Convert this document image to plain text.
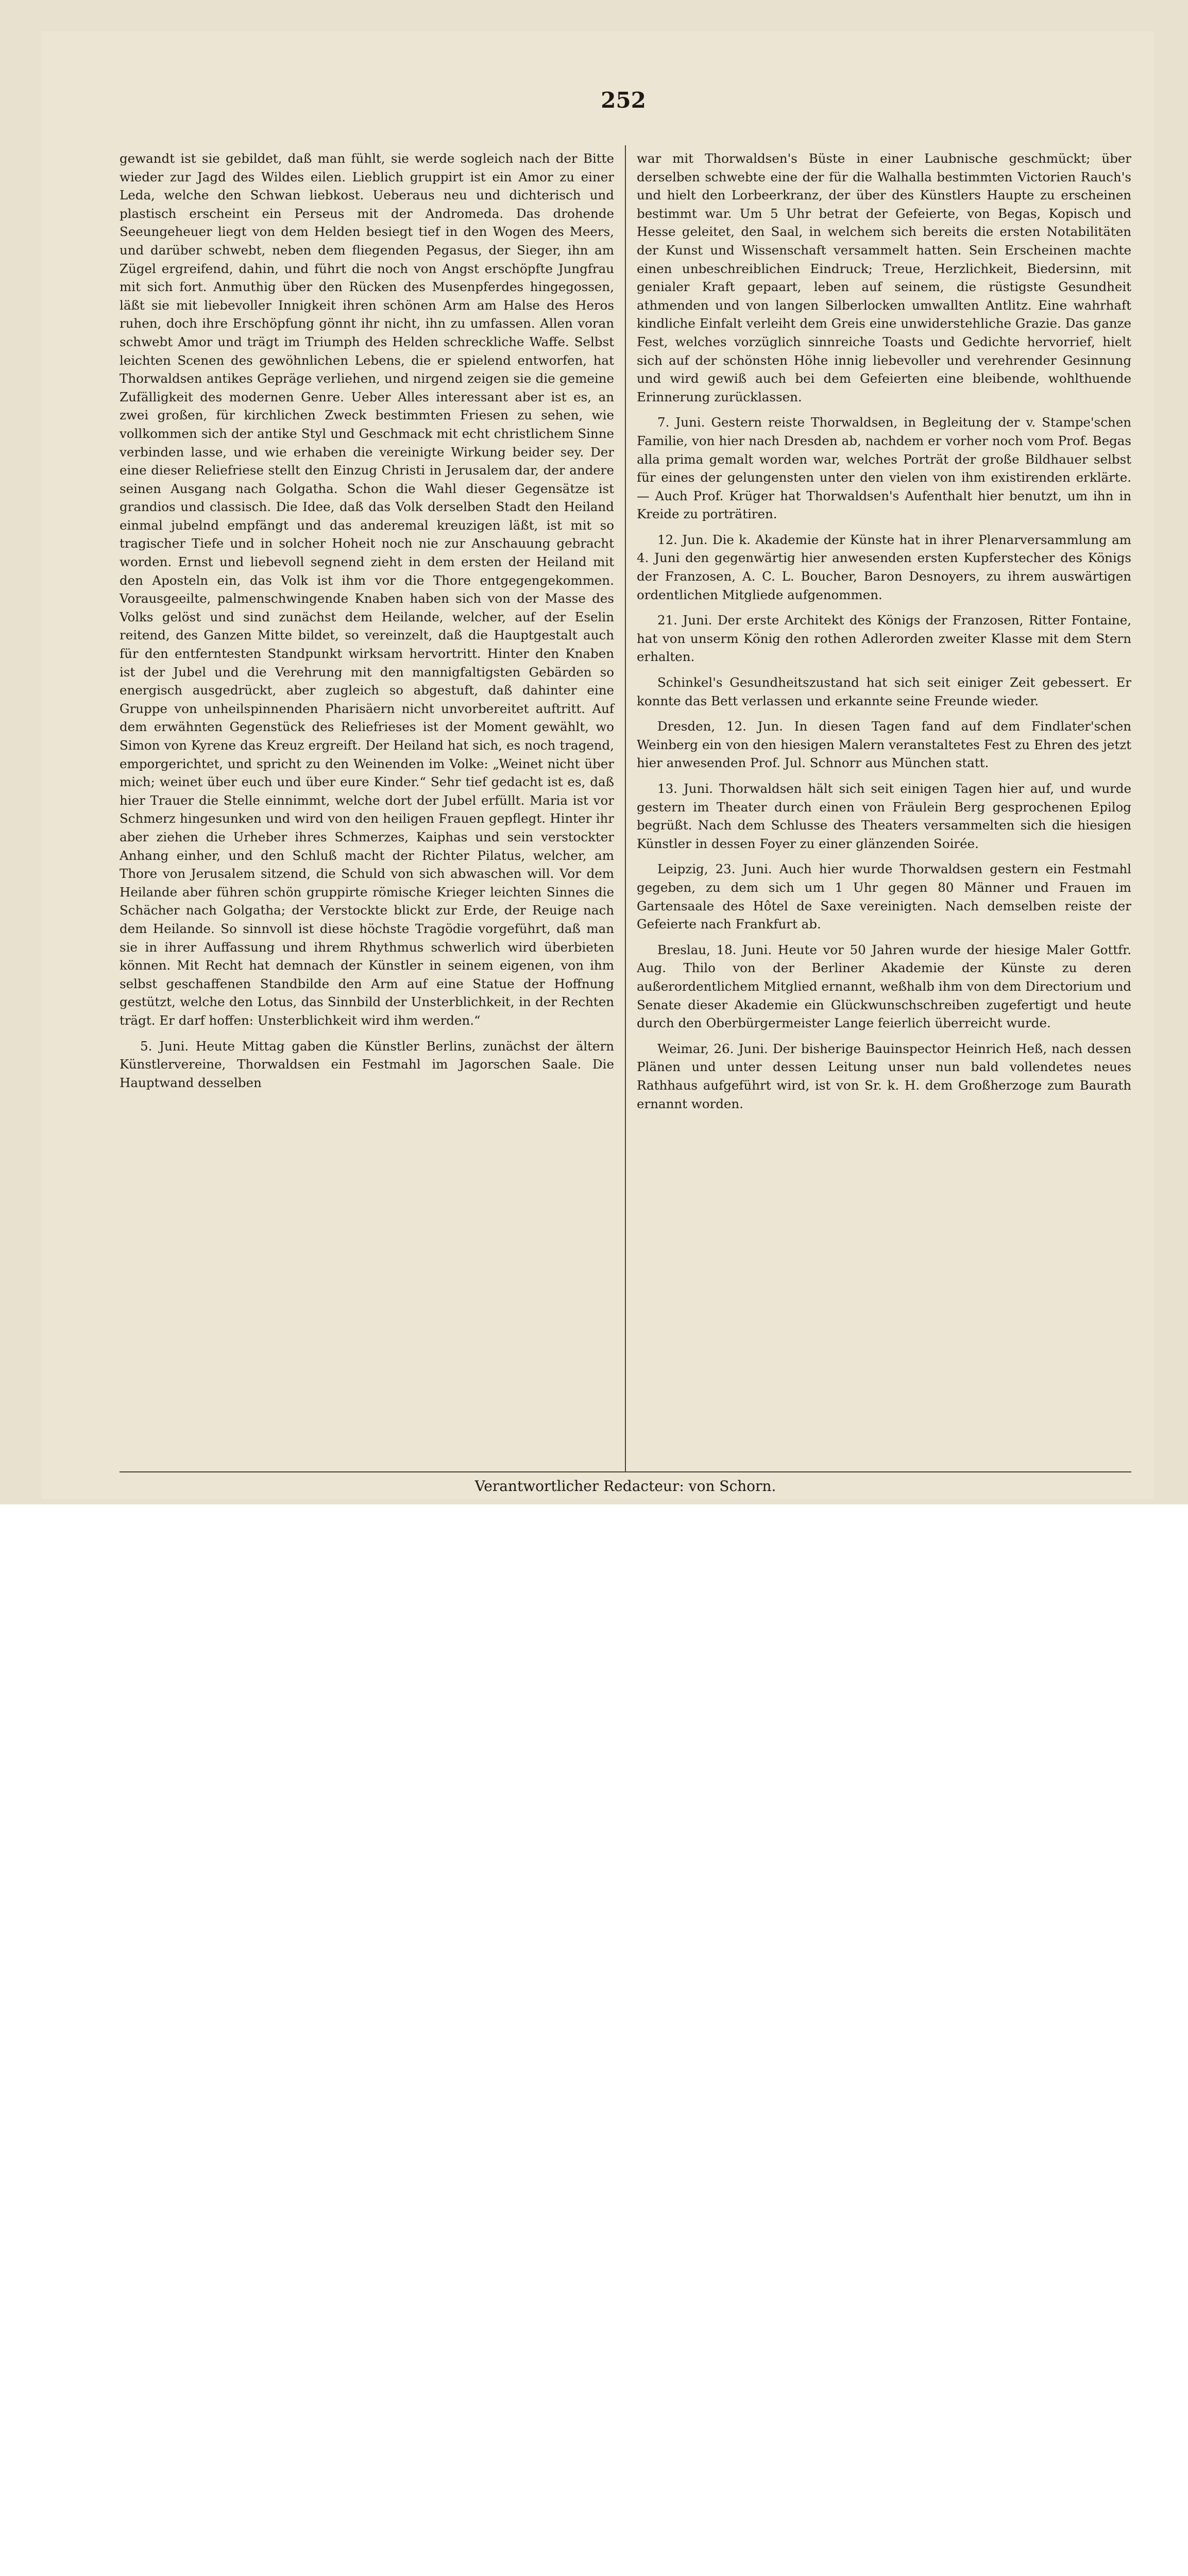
252

gewandt ist sie gebildet, daß man fühlt, sie werde sogleich nach der Bitte wieder zur Jagd des Wildes eilen. Lieblich gruppirt ist ein Amor zu einer Leda, welche den Schwan liebkost. Ueberaus neu und dichterisch und plastisch erscheint ein Perseus mit der Andromeda. Das drohende Seeungeheuer liegt von dem Helden besiegt tief in den Wogen des Meers, und darüber schwebt, neben dem fliegenden Pegasus, der Sieger, ihn am Zügel ergreifend, dahin, und führt die noch von Angst erschöpfte Jungfrau mit sich fort. Anmuthig über den Rücken des Musenpferdes hingegossen, läßt sie mit liebevoller Innigkeit ihren schönen Arm am Halse des Heros ruhen, doch ihre Erschöpfung gönnt ihr nicht, ihn zu umfassen. Allen voran schwebt Amor und trägt im Triumph des Helden schreckliche Waffe. Selbst leichten Scenen des gewöhnlichen Lebens, die er spielend entworfen, hat Thorwaldsen antikes Gepräge verliehen, und nirgend zeigen sie die gemeine Zufälligkeit des modernen Genre. Ueber Alles interessant aber ist es, an zwei großen, für kirchlichen Zweck bestimmten Friesen zu sehen, wie vollkommen sich der antike Styl und Geschmack mit echt christlichem Sinne verbinden lasse, und wie erhaben die vereinigte Wirkung beider sey. Der eine dieser Reliefriese stellt den Einzug Christi in Jerusalem dar, der andere seinen Ausgang nach Golgatha. Schon die Wahl dieser Gegensätze ist grandios und classisch. Die Idee, daß das Volk derselben Stadt den Heiland einmal jubelnd empfängt und das anderemal kreuzigen läßt, ist mit so tragischer Tiefe und in solcher Hoheit noch nie zur Anschauung gebracht worden. Ernst und liebevoll segnend zieht in dem ersten der Heiland mit den Aposteln ein, das Volk ist ihm vor die Thore entgegengekommen. Vorausgeeilte, palmenschwingende Knaben haben sich von der Masse des Volks gelöst und sind zunächst dem Heilande, welcher, auf der Eselin reitend, des Ganzen Mitte bildet, so vereinzelt, daß die Hauptgestalt auch für den entferntesten Standpunkt wirksam hervortritt. Hinter den Knaben ist der Jubel und die Verehrung mit den mannigfaltigsten Gebärden so energisch ausgedrückt, aber zugleich so abgestuft, daß dahinter eine Gruppe von unheilspinnenden Pharisäern nicht unvorbereitet auftritt. Auf dem erwähnten Gegenstück des Reliefrieses ist der Moment gewählt, wo Simon von Kyrene das Kreuz ergreift. Der Heiland hat sich, es noch tragend, emporgerichtet, und spricht zu den Weinenden im Volke: „Weinet nicht über mich; weinet über euch und über eure Kinder.“ Sehr tief gedacht ist es, daß hier Trauer die Stelle einnimmt, welche dort der Jubel erfüllt. Maria ist vor Schmerz hingesunken und wird von den heiligen Frauen gepflegt. Hinter ihr aber ziehen die Urheber ihres Schmerzes, Kaiphas und sein verstockter Anhang einher, und den Schluß macht der Richter Pilatus, welcher, am Thore von Jerusalem sitzend, die Schuld von sich abwaschen will. Vor dem Heilande aber führen schön gruppirte römische Krieger leichten Sinnes die Schächer nach Golgatha; der Verstockte blickt zur Erde, der Reuige nach dem Heilande. So sinnvoll ist diese höchste Tragödie vorgeführt, daß man sie in ihrer Auffassung und ihrem Rhythmus schwerlich wird überbieten können. Mit Recht hat demnach der Künstler in seinem eigenen, von ihm selbst geschaffenen Standbilde den Arm auf eine Statue der Hoffnung gestützt, welche den Lotus, das Sinnbild der Unsterblichkeit, in der Rechten trägt. Er darf hoffen: Unsterblichkeit wird ihm werden.“

5. Juni. Heute Mittag gaben die Künstler Berlins, zunächst der ältern Künstlervereine, Thorwaldsen ein Festmahl im Jagorschen Saale. Die Hauptwand desselben

war mit Thorwaldsen's Büste in einer Laubnische geschmückt; über derselben schwebte eine der für die Walhalla bestimmten Victorien Rauch's und hielt den Lorbeerkranz, der über des Künstlers Haupte zu erscheinen bestimmt war. Um 5 Uhr betrat der Gefeierte, von Begas, Kopisch und Hesse geleitet, den Saal, in welchem sich bereits die ersten Notabilitäten der Kunst und Wissenschaft versammelt hatten. Sein Erscheinen machte einen unbeschreiblichen Eindruck; Treue, Herzlichkeit, Biedersinn, mit genialer Kraft gepaart, leben auf seinem, die rüstigste Gesundheit athmenden und von langen Silberlocken umwallten Antlitz. Eine wahrhaft kindliche Einfalt verleiht dem Greis eine unwiderstehliche Grazie. Das ganze Fest, welches vorzüglich sinnreiche Toasts und Gedichte hervorrief, hielt sich auf der schönsten Höhe innig liebevoller und verehrender Gesinnung und wird gewiß auch bei dem Gefeierten eine bleibende, wohlthuende Erinnerung zurücklassen.

7. Juni. Gestern reiste Thorwaldsen, in Begleitung der v. Stampe'schen Familie, von hier nach Dresden ab, nachdem er vorher noch vom Prof. Begas alla prima gemalt worden war, welches Porträt der große Bildhauer selbst für eines der gelungensten unter den vielen von ihm existirenden erklärte. — Auch Prof. Krüger hat Thorwaldsen's Aufenthalt hier benutzt, um ihn in Kreide zu porträtiren.

12. Jun. Die k. Akademie der Künste hat in ihrer Plenarversammlung am 4. Juni den gegenwärtig hier anwesenden ersten Kupferstecher des Königs der Franzosen, A. C. L. Boucher, Baron Desnoyers, zu ihrem auswärtigen ordentlichen Mitgliede aufgenommen.

21. Juni. Der erste Architekt des Königs der Franzosen, Ritter Fontaine, hat von unserm König den rothen Adlerorden zweiter Klasse mit dem Stern erhalten.

Schinkel's Gesundheitszustand hat sich seit einiger Zeit gebessert. Er konnte das Bett verlassen und erkannte seine Freunde wieder.

Dresden, 12. Jun. In diesen Tagen fand auf dem Findlater'schen Weinberg ein von den hiesigen Malern veranstaltetes Fest zu Ehren des jetzt hier anwesenden Prof. Jul. Schnorr aus München statt.

13. Juni. Thorwaldsen hält sich seit einigen Tagen hier auf, und wurde gestern im Theater durch einen von Fräulein Berg gesprochenen Epilog begrüßt. Nach dem Schlusse des Theaters versammelten sich die hiesigen Künstler in dessen Foyer zu einer glänzenden Soirée.

Leipzig, 23. Juni. Auch hier wurde Thorwaldsen gestern ein Festmahl gegeben, zu dem sich um 1 Uhr gegen 80 Männer und Frauen im Gartensaale des Hôtel de Saxe vereinigten. Nach demselben reiste der Gefeierte nach Frankfurt ab.

Breslau, 18. Juni. Heute vor 50 Jahren wurde der hiesige Maler Gottfr. Aug. Thilo von der Berliner Akademie der Künste zu deren außerordentlichem Mitglied ernannt, weßhalb ihm von dem Directorium und Senate dieser Akademie ein Glückwunschschreiben zugefertigt und heute durch den Oberbürgermeister Lange feierlich überreicht wurde.

Weimar, 26. Juni. Der bisherige Bauinspector Heinrich Heß, nach dessen Plänen und unter dessen Leitung unser nun bald vollendetes neues Rathhaus aufgeführt wird, ist von Sr. k. H. dem Großherzoge zum Baurath ernannt worden.

Verantwortlicher Redacteur: von Schorn.
